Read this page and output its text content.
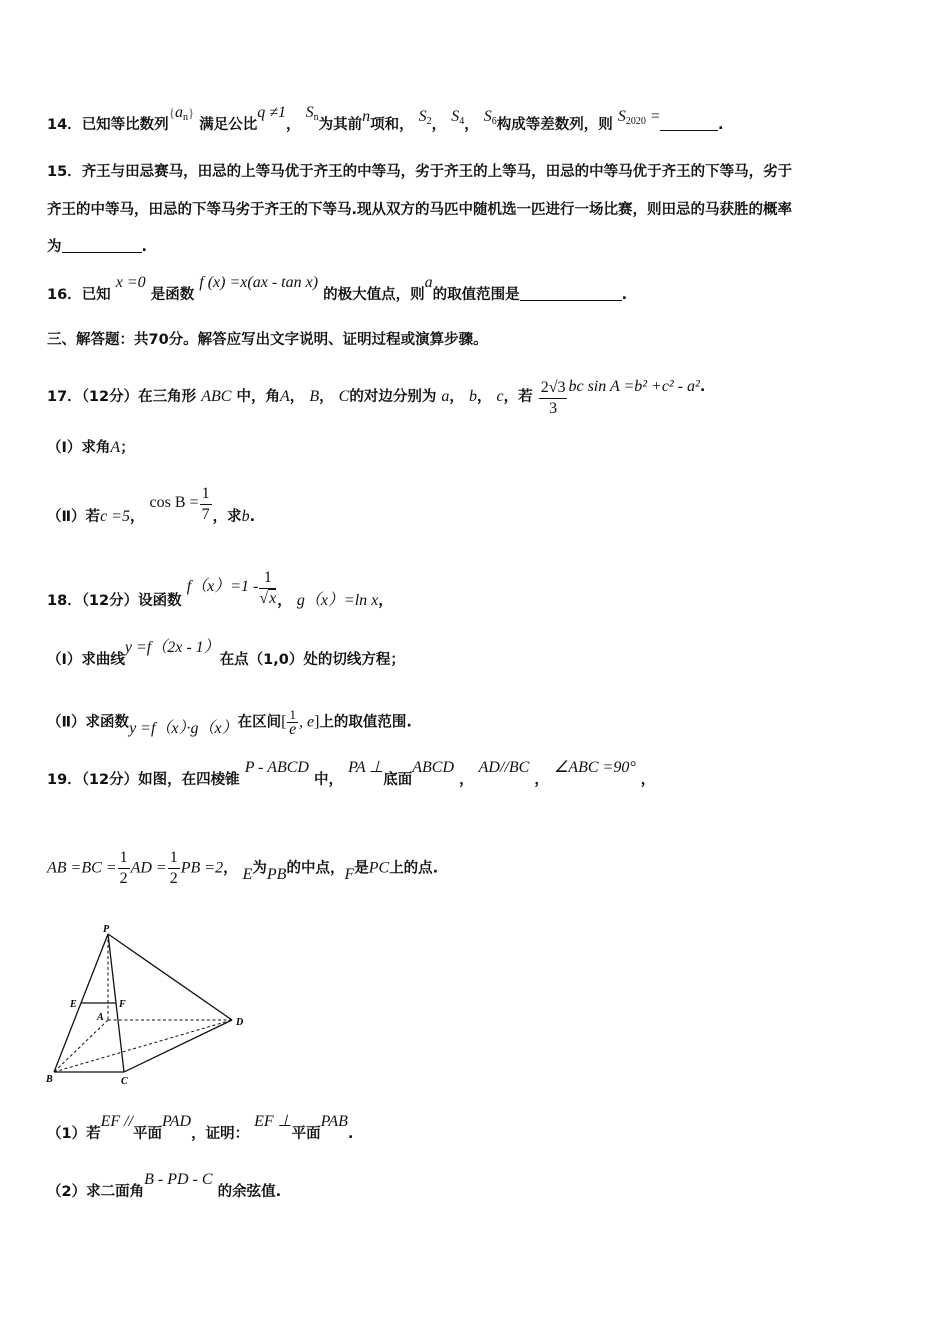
14．已知等比数列$\{a_n\}$ 满足公比q ≠1， $S_n$为其前n项和， $S_2$， $S_4$， $S_6$构成等差数列，则 $S_{2020}$ =	.
15．齐王与田忌赛马，田忌的上等马优于齐王的中等马，劣于齐王的上等马，田忌的中等马优于齐王的下等马，劣于
齐王的中等马，田忌的下等马劣于齐王的下等马.现从双方的马匹中随机选一匹进行一场比赛，则田忌的马获胜的概率
为	.
16．已知 x =0 是函数 f (x) =x(ax - tan x) 的极大值点，则a的取值范围是	.
三、解答题：共70分。解答应写出文字说明、证明过程或演算步骤。
17．（12分）在三角形 ABC 中，角A， B， C的对边分别为 a， b， c，若 $\frac{2√3}{3}$ bc sin A =b² +c² - a².
（Ⅰ）求角A；
（Ⅱ）若c =5， $\cos B = \frac{1}{7}$ ，求b.
18．（12分）设函数 $f(x)=1 - \frac{1}{√x}$ ， g（x）=ln x，
（Ⅰ）求曲线y =f（2x - 1）在点（1,0）处的切线方程；
（Ⅱ）求函数y =f（x）·g（x）在区间[ $\frac{1}{e}$ , e]上的取值范围.
19．（12分）如图，在四棱锥 P - ABCD 中， PA ⊥底面ABCD ， AD//BC ， ∠ABC =90° ，
AB $=BC = \frac{1}{2}$ AD = $\frac{1}{2}$ PB =2， E为PB的中点，F是PC上的点.
P
E	F
A	D
B	C
（1）若EF //平面PAD，证明： EF ⊥平面PAB.
（2）求二面角B - PD - C 的余弦值.
